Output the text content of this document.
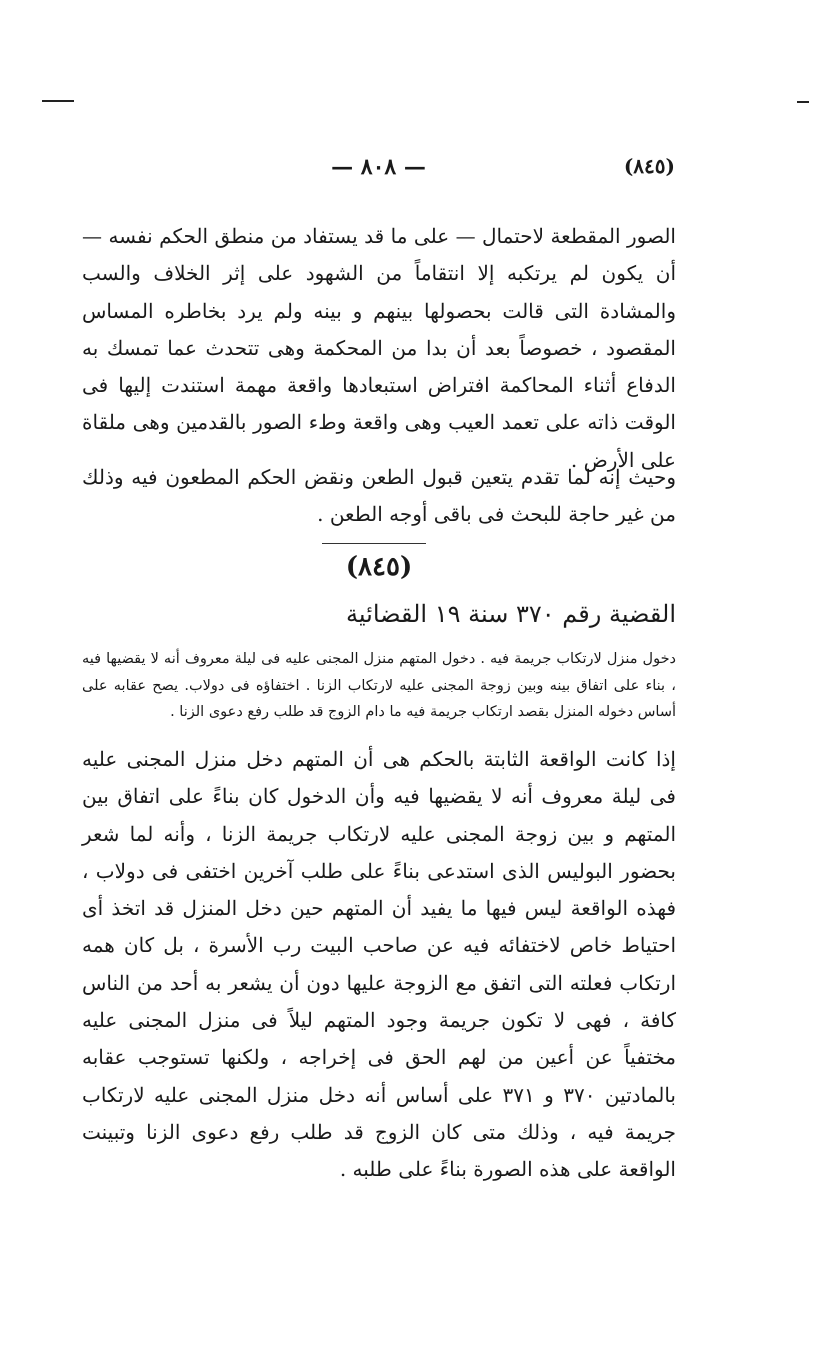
— ٨٠٨ —	(٨٤٥)

الصور المقطعة لاحتمال — على ما قد يستفاد من منطق الحكم نفسه — أن يكون لم يرتكبه إلا انتقاماً من الشهود على إثر الخلاف والسب والمشادة التى قالت بحصولها بينهم و بينه ولم يرد بخاطره المساس المقصود ، خصوصاً بعد أن بدا من المحكمة وهى تتحدث عما تمسك به الدفاع أثناء المحاكمة افتراض استبعادها واقعة مهمة استندت إليها فى الوقت ذاته على تعمد العيب وهى واقعة وطء الصور بالقدمين وهى ملقاة على الأرض .

وحيث إنه لما تقدم يتعين قبول الطعن ونقض الحكم المطعون فيه وذلك من غير حاجة للبحث فى باقى أوجه الطعن .

(٨٤٥)
القضية رقم ٣٧٠ سنة ١٩ القضائية

دخول منزل لارتكاب جريمة فيه . دخول المتهم منزل المجنى عليه فى ليلة معروف أنه لا يقضيها فيه ، بناء على اتفاق بينه وبين زوجة المجنى عليه لارتكاب الزنا . اختفاؤه فى دولاب. يصح عقابه على أساس دخوله المنزل بقصد ارتكاب جريمة فيه ما دام الزوج قد طلب رفع دعوى الزنا .

إذا كانت الواقعة الثابتة بالحكم هى أن المتهم دخل منزل المجنى عليه فى ليلة معروف أنه لا يقضيها فيه وأن الدخول كان بناءً على اتفاق بين المتهم و بين زوجة المجنى عليه لارتكاب جريمة الزنا ، وأنه لما شعر بحضور البوليس الذى استدعى بناءً على طلب آخرين اختفى فى دولاب ، فهذه الواقعة ليس فيها ما يفيد أن المتهم حين دخل المنزل قد اتخذ أى احتياط خاص لاختفائه فيه عن صاحب البيت رب الأسرة ، بل كان همه ارتكاب فعلته التى اتفق مع الزوجة عليها دون أن يشعر به أحد من الناس كافة ، فهى لا تكون جريمة وجود المتهم ليلاً فى منزل المجنى عليه مختفياً عن أعين من لهم الحق فى إخراجه ، ولكنها تستوجب عقابه بالمادتين ٣٧٠ و ٣٧١ على أساس أنه دخل منزل المجنى عليه لارتكاب جريمة فيه ، وذلك متى كان الزوج قد طلب رفع دعوى الزنا وتبينت الواقعة على هذه الصورة بناءً على طلبه .
